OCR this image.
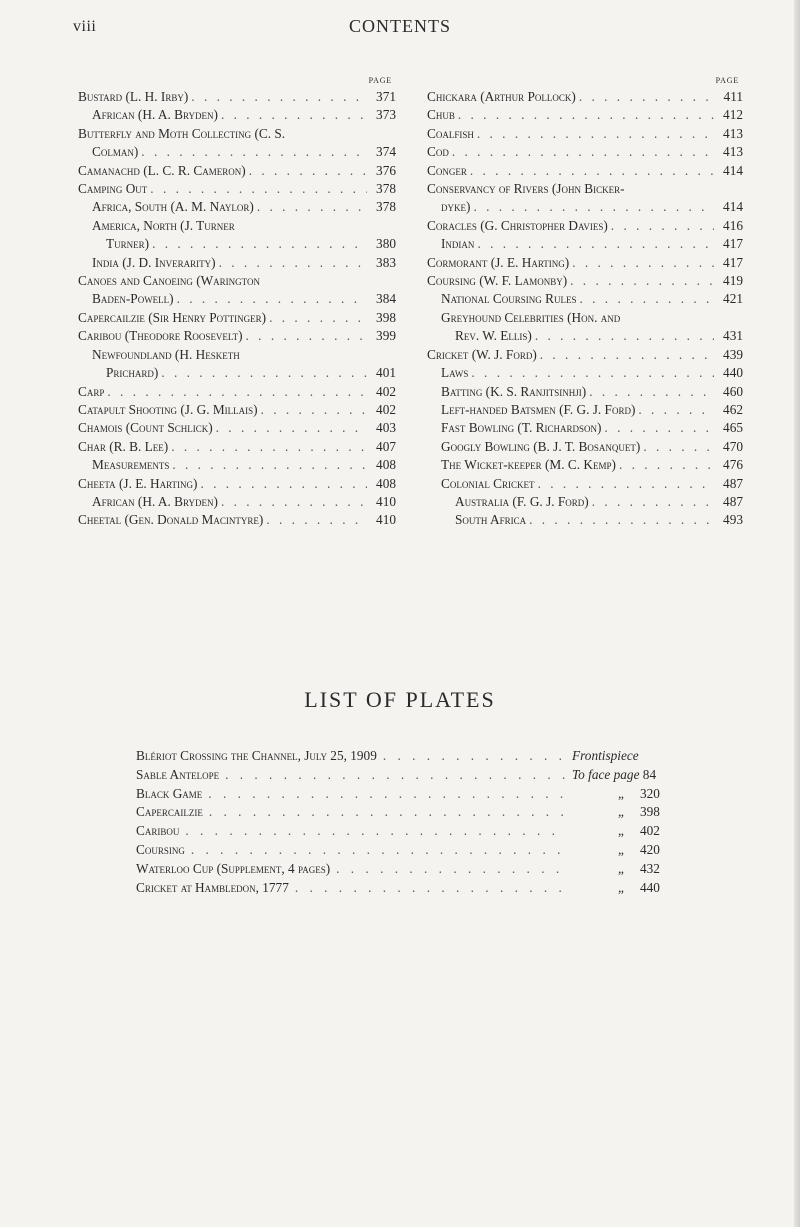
viii	CONTENTS
PAGE
Bustard (L. H. Irby) . . .	371
African (H. A. Bryden) . . .	373
Butterfly and Moth Collecting (C. S.
Colman) . . .	374
Camanachd (L. C. R. Cameron) . . .	376
Camping Out . . .	378
Africa, South (A. M. Naylor) . . .	378
America, North (J. Turner
Turner) . . .	380
India (J. D. Inverarity) . . .	383
Canoes and Canoeing (Warington
Baden-Powell) . . .	384
Capercailzie (Sir Henry Pottinger) . . .	398
Caribou (Theodore Roosevelt) . . .	399
Newfoundland (H. Hesketh
Prichard) . . .	401
Carp . . .	402
Catapult Shooting (J. G. Millais) . . .	402
Chamois (Count Schlick) . . .	403
Char (R. B. Lee) . . .	407
Measurements . . .	408
Cheeta (J. E. Harting) . . .	408
African (H. A. Bryden) . . .	410
Cheetal (Gen. Donald Macintyre) . . .	410
PAGE
Chickara (Arthur Pollock) . . .	411
Chub . . .	412
Coalfish . . .	413
Cod . . .	413
Conger . . .	414
Conservancy of Rivers (John Bicker-
dyke) . . .	414
Coracles (G. Christopher Davies) . . .	416
Indian . . .	417
Cormorant (J. E. Harting) . . .	417
Coursing (W. F. Lamonby) . . .	419
National Coursing Rules . . .	421
Greyhound Celebrities (Hon. and
Rev. W. Ellis) . . .	431
Cricket (W. J. Ford) . . .	439
Laws . . .	440
Batting (K. S. Ranjitsinhji) . . .	460
Left-handed Batsmen (F. G. J. Ford) . . .	462
Fast Bowling (T. Richardson) . . .	465
Googly Bowling (B. J. T. Bosanquet) . . .	470
The Wicket-keeper (M. C. Kemp) . . .	476
Colonial Cricket . . .	487
Australia (F. G. J. Ford) . . .	487
South Africa . . .	493
LIST OF PLATES
Blériot Crossing the Channel, July 25, 1909 . . .	Frontispiece
Sable Antelope . . .	To face page 84
Black Game . . .	„ 320
Capercailzie . . .	„ 398
Caribou . . .	„ 402
Coursing . . .	„ 420
Waterloo Cup (Supplement, 4 pages) . . .	„ 432
Cricket at Hambledon, 1777 . . .	„ 440
